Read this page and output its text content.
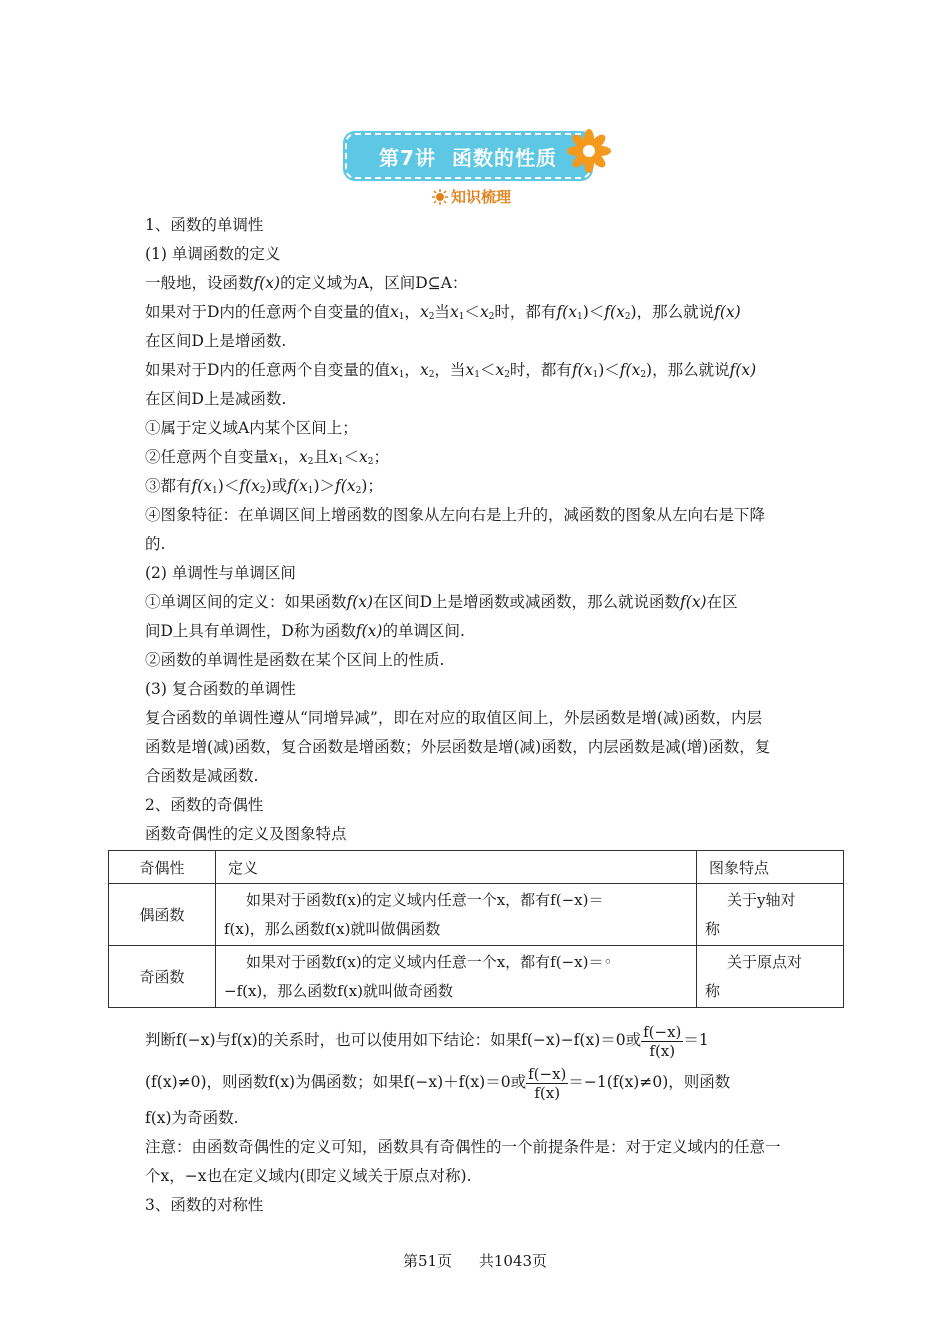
第7讲 函数的性质
知识梳理
1、函数的单调性
(1) 单调函数的定义
一般地，设函数f(x)的定义域为A，区间D⊆A：
如果对于D内的任意两个自变量的值$x_1$，$x_2$当$x_1<x_2$时，都有$f(x_1)<f(x_2)$，那么就说f(x)
在区间D上是增函数.
如果对于D内的任意两个自变量的值$x_1$，$x_2$，当$x_1<x_2$时，都有$f(x_1)<f(x_2)$，那么就说f(x)
在区间D上是减函数.
①属于定义域A内某个区间上；
②任意两个自变量$x_1$，$x_2$且$x_1<x_2$；
③都有$f(x_1)<f(x_2)$或$f(x_1)>f(x_2)$；
④图象特征：在单调区间上增函数的图象从左向右是上升的，减函数的图象从左向右是下降
的.
(2) 单调性与单调区间
①单调区间的定义：如果函数f(x)在区间D上是增函数或减函数，那么就说函数f(x)在区
间D上具有单调性，D称为函数f(x)的单调区间.
②函数的单调性是函数在某个区间上的性质.
(3) 复合函数的单调性
复合函数的单调性遵从“同增异减”，即在对应的取值区间上，外层函数是增(减)函数，内层
函数是增(减)函数，复合函数是增函数；外层函数是增(减)函数，内层函数是减(增)函数，复
合函数是减函数.
2、函数的奇偶性
函数奇偶性的定义及图象特点
奇偶性	定义	图象特点
偶函数	如果对于函数f(x)的定义域内任意一个x，都有f(−x)＝
f(x)，那么函数f(x)就叫做偶函数	关于y轴对
称

奇函数	如果对于函数f(x)的定义域内任意一个x，都有f(−x)＝◦
−f(x)，那么函数f(x)就叫做奇函数	关于原点对
称
判断f(−x)与f(x)的关系时，也可以使用如下结论：如果f(−x)−f(x)＝0或 $\frac{f(-x)}{f(x)} =1$
(f(x)≠0)，则函数f(x)为偶函数；如果f(−x)＋f(x)＝0或 $\frac{f(-x)}{f(x)} =-1(f(x)\ne 0)$，则函数
f(x)为奇函数.
注意：由函数奇偶性的定义可知，函数具有奇偶性的一个前提条件是：对于定义域内的任意一
个x，−x也在定义域内(即定义域关于原点对称).
3、函数的对称性
第51页 共1043页
